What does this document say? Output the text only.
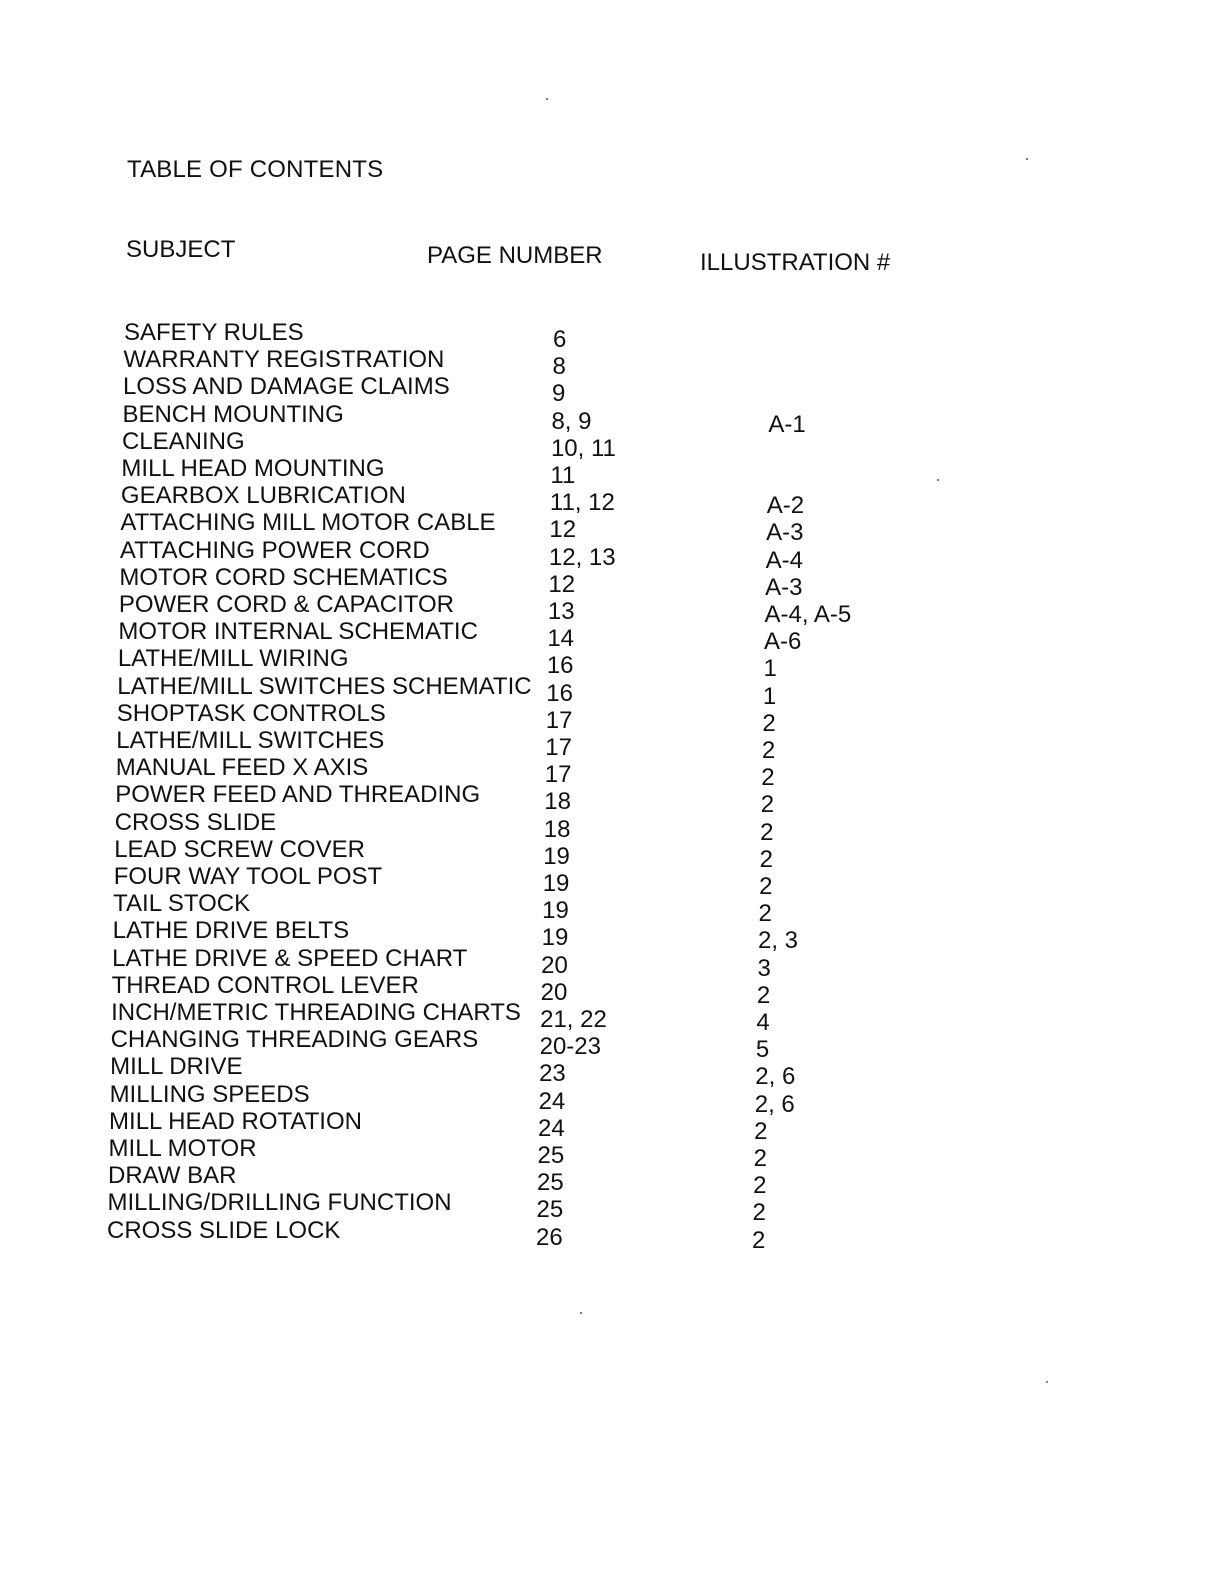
TABLE OF CONTENTS
SUBJECT	PAGE NUMBER	ILLUSTRATION #
SAFETY RULES	6
WARRANTY REGISTRATION	8
LOSS AND DAMAGE CLAIMS	9
BENCH MOUNTING	8, 9	A-1
CLEANING	10, 11
MILL HEAD MOUNTING	11
GEARBOX LUBRICATION	11, 12	A-2
ATTACHING MILL MOTOR CABLE 12	A-3
ATTACHING POWER CORD	12, 13	A-4
MOTOR CORD SCHEMATICS	12	A-3
POWER CORD & CAPACITOR	13	A-4, A-5
MOTOR INTERNAL SCHEMATIC	14	A-6
LATHE/MILL WIRING	16	1
LATHE/MILL SWITCHES SCHEMATIC 16	1
SHOPTASK CONTROLS	17	2
LATHE/MILL SWITCHES	17	2
MANUAL FEED X AXIS	17	2
POWER FEED AND THREADING	18	2
CROSS SLIDE	18	2
LEAD SCREW COVER	19	2
FOUR WAY TOOL POST	19	2
TAIL STOCK	19	2
LATHE DRIVE BELTS	19	2, 3
LATHE DRIVE & SPEED CHART	20	3
THREAD CONTROL LEVER	20	2
INCH/METRIC THREADING CHARTS 21, 22	4
CHANGING THREADING GEARS	20-23	5
MILL DRIVE	23	2, 6
MILLING SPEEDS	24	2, 6
MILL HEAD ROTATION	24	2
MILL MOTOR	25	2
DRAW BAR	25	2
MILLING/DRILLING FUNCTION	25	2
CROSS SLIDE LOCK	26	2
